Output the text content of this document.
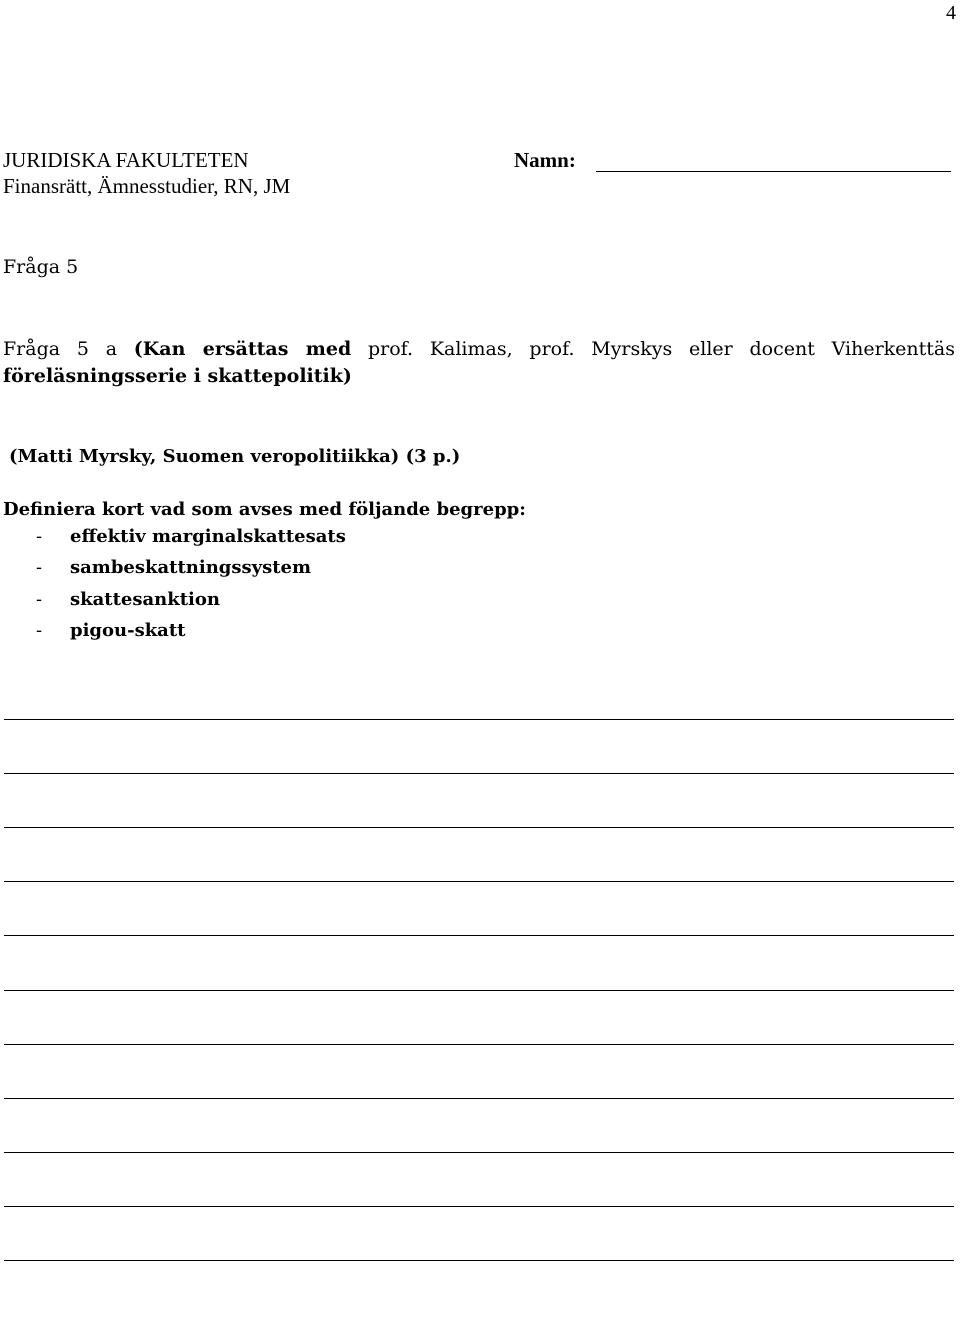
4
JURIDISKA FAKULTETEN
Finansrätt, Ämnesstudier, RN, JM
Namn:
Fråga 5
Fråga 5 a (Kan ersättas med prof. Kalimas, prof. Myrskys eller docent Viherkenttäs föreläsningsserie i skattepolitik)
(Matti Myrsky, Suomen veropolitiikka) (3 p.)
Definiera kort vad som avses med följande begrepp:
-	effektiv marginalskattesats
-	sambeskattningssystem
-	skattesanktion
-	pigou-skatt
